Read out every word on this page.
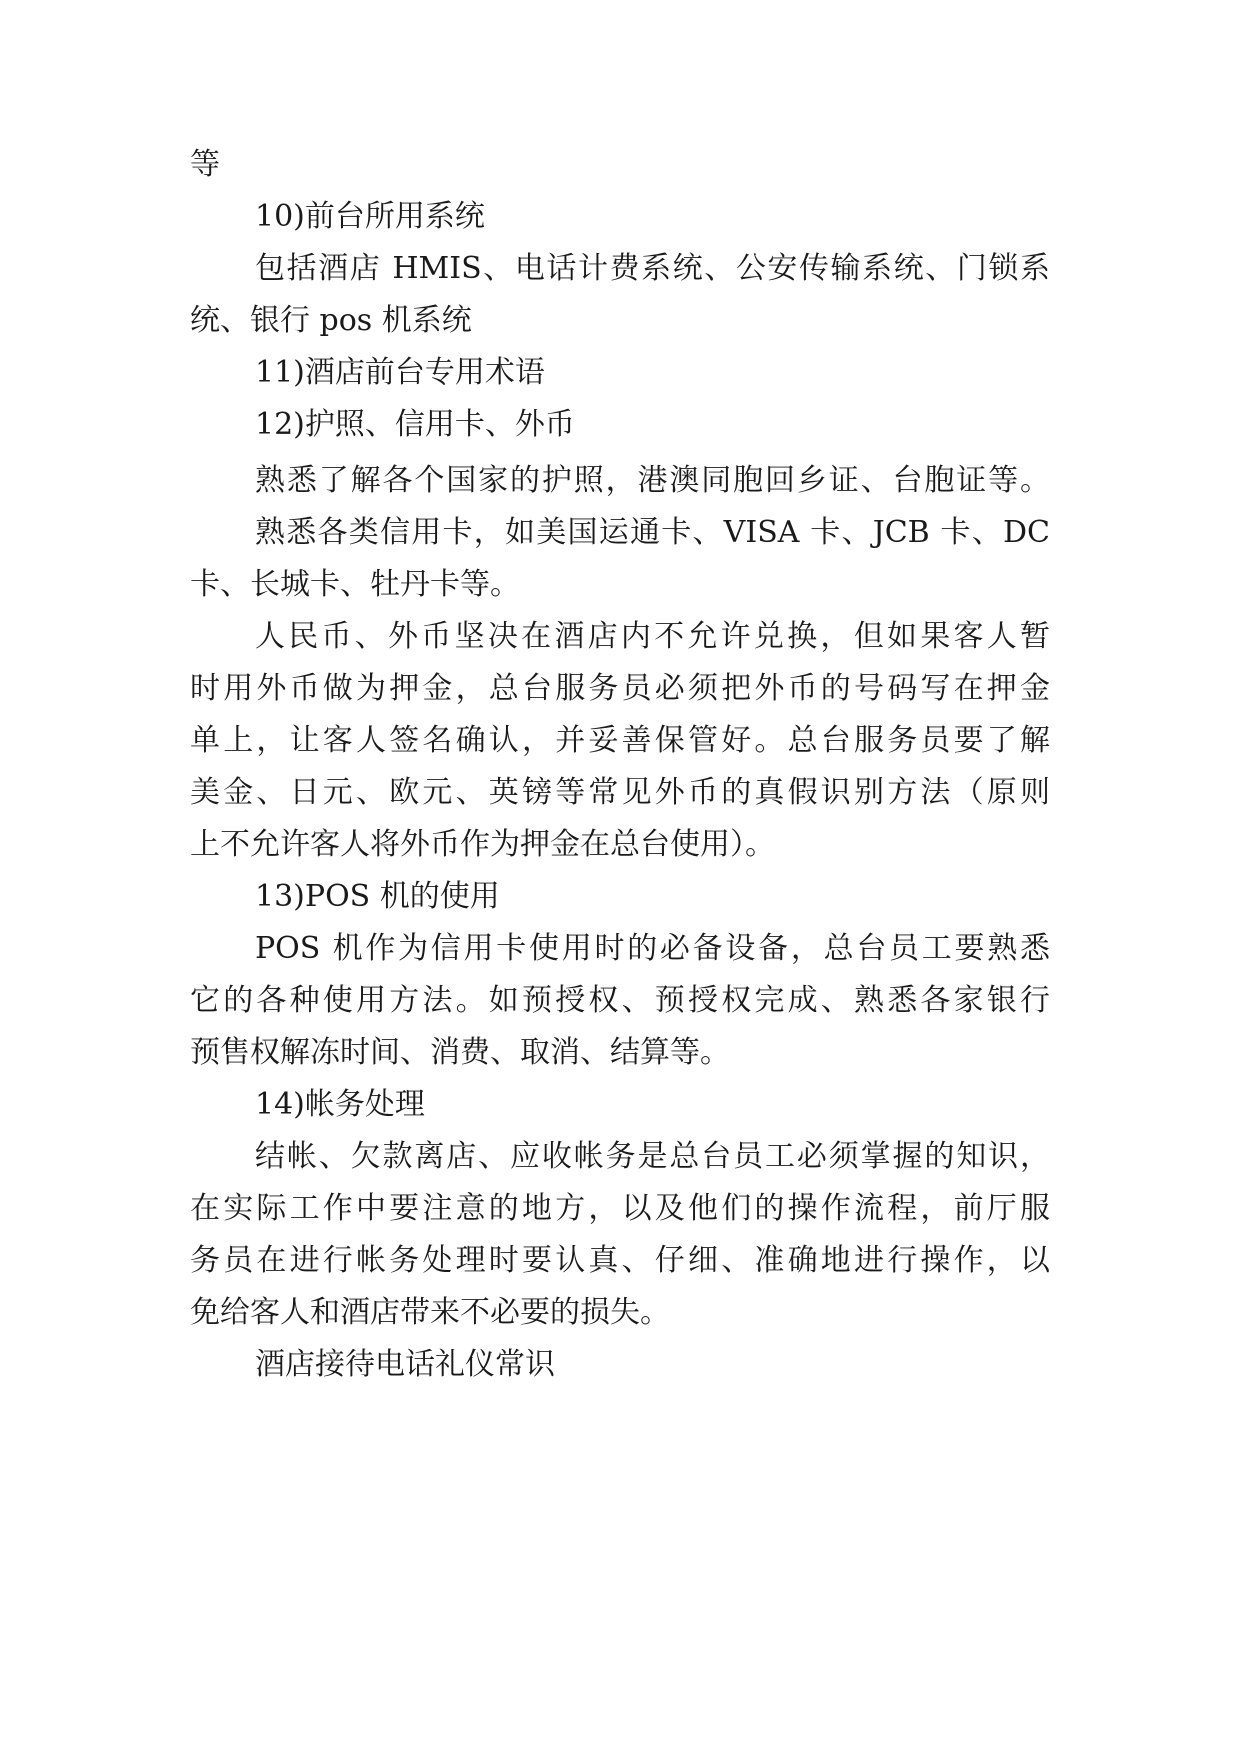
等
10)前台所用系统
包括酒店 HMIS、电话计费系统、公安传输系统、门锁系
统、银行 pos 机系统
11)酒店前台专用术语
12)护照、信用卡、外币
熟悉了解各个国家的护照，港澳同胞回乡证、台胞证等。
熟悉各类信用卡，如美国运通卡、VISA 卡、JCB 卡、DC
卡、长城卡、牡丹卡等。
人民币、外币坚决在酒店内不允许兑换，但如果客人暂
时用外币做为押金，总台服务员必须把外币的号码写在押金
单上，让客人签名确认，并妥善保管好。总台服务员要了解
美金、日元、欧元、英镑等常见外币的真假识别方法（原则
上不允许客人将外币作为押金在总台使用）。
13)POS 机的使用
POS 机作为信用卡使用时的必备设备，总台员工要熟悉
它的各种使用方法。如预授权、预授权完成、熟悉各家银行
预售权解冻时间、消费、取消、结算等。
14)帐务处理
结帐、欠款离店、应收帐务是总台员工必须掌握的知识，
在实际工作中要注意的地方，以及他们的操作流程，前厅服
务员在进行帐务处理时要认真、仔细、准确地进行操作，以
免给客人和酒店带来不必要的损失。
酒店接待电话礼仪常识
